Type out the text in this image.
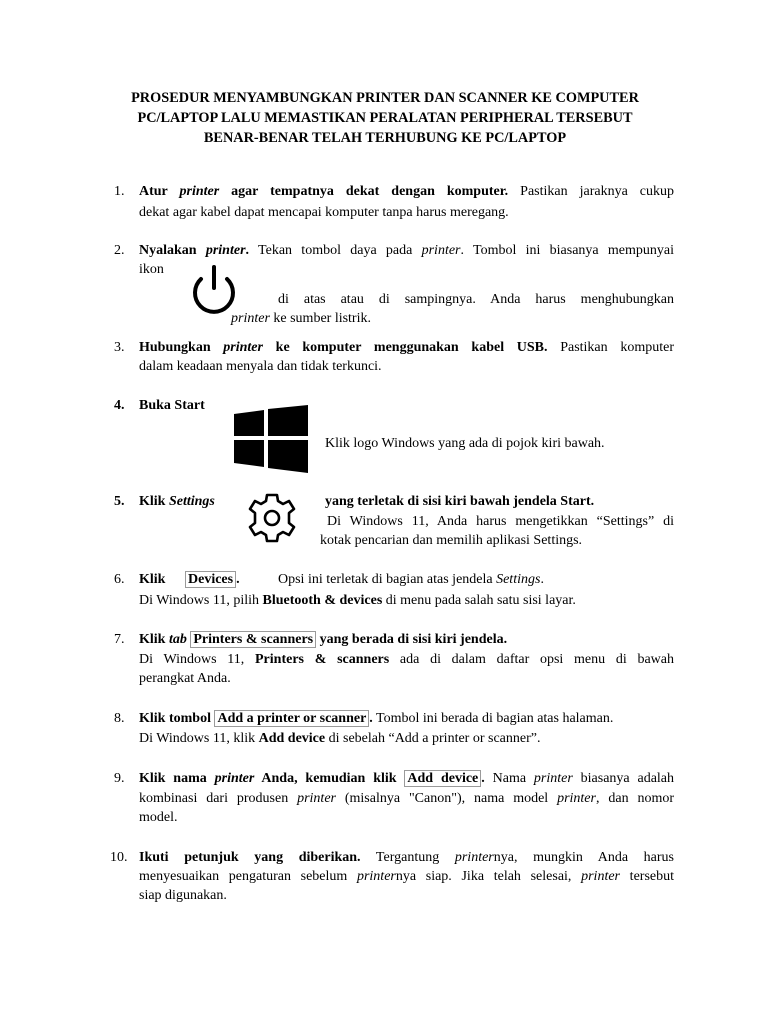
PROSEDUR MENYAMBUNGKAN PRINTER DAN SCANNER KE COMPUTER
PC/LAPTOP LALU MEMASTIKAN PERALATAN PERIPHERAL TERSEBUT
BENAR-BENAR TELAH TERHUBUNG KE PC/LAPTOP
1. Atur printer agar tempatnya dekat dengan komputer. Pastikan jaraknya cukup
dekat agar kabel dapat mencapai komputer tanpa harus meregang.
2. Nyalakan printer. Tekan tombol daya pada printer. Tombol ini biasanya mempunyai
ikon
di atas atau di sampingnya. Anda harus menghubungkan
printer ke sumber listrik.
3. Hubungkan printer ke komputer menggunakan kabel USB. Pastikan komputer
dalam keadaan menyala dan tidak terkunci.
4. Buka Start
Klik logo Windows yang ada di pojok kiri bawah.
5. Klik Settings	yang terletak di sisi kiri bawah jendela Start.
Di Windows 11, Anda harus mengetikkan “Settings” di
kotak pencarian dan memilih aplikasi Settings.
6. Klik Devices .	Opsi ini terletak di bagian atas jendela Settings.
Di Windows 11, pilih Bluetooth & devices di menu pada salah satu sisi layar.
7. Klik tab Printers & scanners yang berada di sisi kiri jendela.
Di Windows 11, Printers & scanners ada di dalam daftar opsi menu di bawah
perangkat Anda.
8. Klik tombol Add a printer or scanner . Tombol ini berada di bagian atas halaman.
Di Windows 11, klik Add device di sebelah “Add a printer or scanner”.
9. Klik nama printer Anda, kemudian klik Add device . Nama printer biasanya adalah
kombinasi dari produsen printer (misalnya "Canon"), nama model printer, dan nomor
model.
10. Ikuti petunjuk yang diberikan. Tergantung printernya, mungkin Anda harus
menyesuaikan pengaturan sebelum printernya siap. Jika telah selesai, printer tersebut
siap digunakan.
